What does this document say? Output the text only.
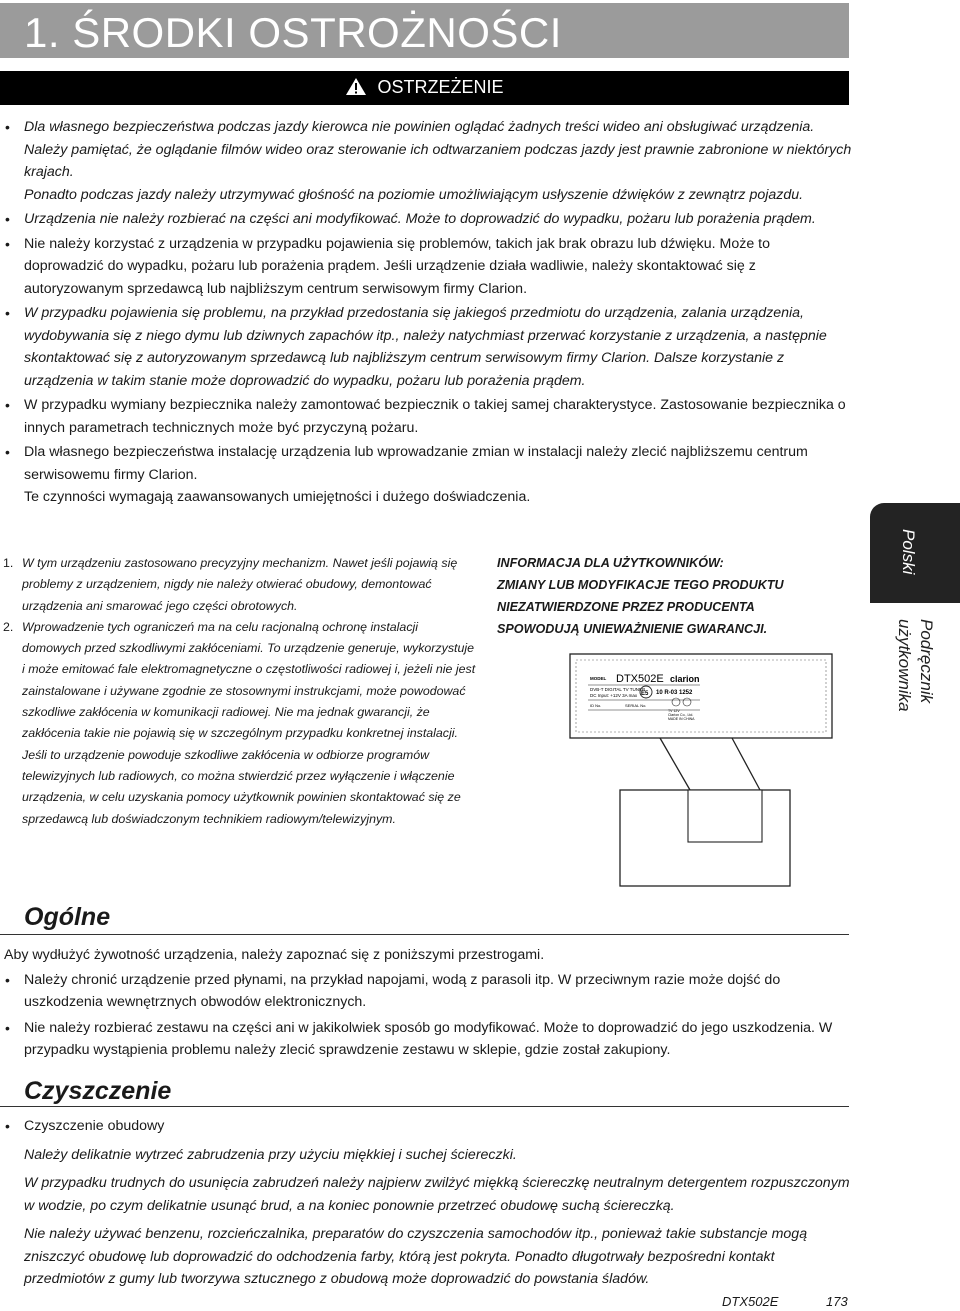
1. ŚRODKI OSTROŻNOŚCI
OSTRZEŻENIE

• Dla własnego bezpieczeństwa podczas jazdy kierowca nie powinien oglądać żadnych treści wideo ani obsługiwać urządzenia. Należy pamiętać, że oglądanie filmów wideo oraz sterowanie ich odtwarzaniem podczas jazdy jest prawnie zabronione w niektórych krajach.

Ponadto podczas jazdy należy utrzymywać głośność na poziomie umożliwiającym usłyszenie dźwięków z zewnątrz pojazdu.

• Urządzenia nie należy rozbierać na części ani modyfikować. Może to doprowadzić do wypadku, pożaru lub porażenia prądem.

• Nie należy korzystać z urządzenia w przypadku pojawienia się problemów, takich jak brak obrazu lub dźwięku. Może to doprowadzić do wypadku, pożaru lub porażenia prądem. Jeśli urządzenie działa wadliwie, należy skontaktować się z autoryzowanym sprzedawcą lub najbliższym centrum serwisowym firmy Clarion.

• W przypadku pojawienia się problemu, na przykład przedostania się jakiegoś przedmiotu do urządzenia, zalania urządzenia, wydobywania się z niego dymu lub dziwnych zapachów itp., należy natychmiast przerwać korzystanie z urządzenia, a następnie skontaktować się z autoryzowanym sprzedawcą lub najbliższym centrum serwisowym firmy Clarion. Dalsze korzystanie z urządzenia w takim stanie może doprowadzić do wypadku, pożaru lub porażenia prądem.

• W przypadku wymiany bezpiecznika należy zamontować bezpiecznik o takiej samej charakterystyce. Zastosowanie bezpiecznika o innych parametrach technicznych może być przyczyną pożaru.

• Dla własnego bezpieczeństwa instalację urządzenia lub wprowadzanie zmian w instalacji należy zlecić najbliższemu centrum serwisowemu firmy Clarion.

Te czynności wymagają zaawansowanych umiejętności i dużego doświadczenia.

1. W tym urządzeniu zastosowano precyzyjny mechanizm. Nawet jeśli pojawią się problemy z urządzeniem, nigdy nie należy otwierać obudowy, demontować urządzenia ani smarować jego części obrotowych.
2. Wprowadzenie tych ograniczeń ma na celu racjonalną ochronę instalacji domowych przed szkodliwymi zakłóceniami. To urządzenie generuje, wykorzystuje i może emitować fale elektromagnetyczne o częstotliwości radiowej i, jeżeli nie jest zainstalowane i używane zgodnie ze stosownymi instrukcjami, może powodować szkodliwe zakłócenia w komunikacji radiowej. Nie ma jednak gwarancji, że zakłócenia takie nie pojawią się w szczególnym przypadku konkretnej instalacji. Jeśli to urządzenie powoduje szkodliwe zakłócenia w odbiorze programów telewizyjnych lub radiowych, co można stwierdzić przez wyłączenie i włączenie urządzenia, w celu uzyskania pomocy użytkownik powinien skontaktować się ze sprzedawcą lub doświadczonym technikiem radiowym/telewizyjnym.
INFORMACJA DLA UŻYTKOWNIKÓW:
ZMIANY LUB MODYFIKACJE TEGO PRODUKTU
NIEZATWIERDZONE PRZEZ PRODUCENTA
SPOWODUJĄ UNIEWAŻNIENIE GWARANCJI.
MODEL DTX502E clarion
DVB-T DIGITAL TV TUNER
DC Input: +12V 3A max
ID No.	SERIAL No.
E5 10 R-03 1252
TV 12V
Clarion Co., Ltd.
MADE IN CHINA
Polski
Podręcznik
użytkownika
Ogólne

Aby wydłużyć żywotność urządzenia, należy zapoznać się z poniższymi przestrogami.

• Należy chronić urządzenie przed płynami, na przykład napojami, wodą z parasoli itp. W przeciwnym razie może dojść do uszkodzenia wewnętrznych obwodów elektronicznych.
• Nie należy rozbierać zestawu na części ani w jakikolwiek sposób go modyfikować. Może to doprowadzić do jego uszkodzenia. W przypadku wystąpienia problemu należy zlecić sprawdzenie zestawu w sklepie, gdzie został zakupiony.
Czyszczenie
• Czyszczenie obudowy

Należy delikatnie wytrzeć zabrudzenia przy użyciu miękkiej i suchej ściereczki.

W przypadku trudnych do usunięcia zabrudzeń należy najpierw zwilżyć miękką ściereczkę neutralnym detergentem rozpuszczonym w wodzie, po czym delikatnie usunąć brud, a na koniec ponownie przetrzeć obudowę suchą ściereczką.

Nie należy używać benzenu, rozcieńczalnika, preparatów do czyszczenia samochodów itp., ponieważ takie substancje mogą zniszczyć obudowę lub doprowadzić do odchodzenia farby, którą jest pokryta. Ponadto długotrwały bezpośredni kontakt przedmiotów z gumy lub tworzywa sztucznego z obudową może doprowadzić do powstania śladów.

DTX502E	173
